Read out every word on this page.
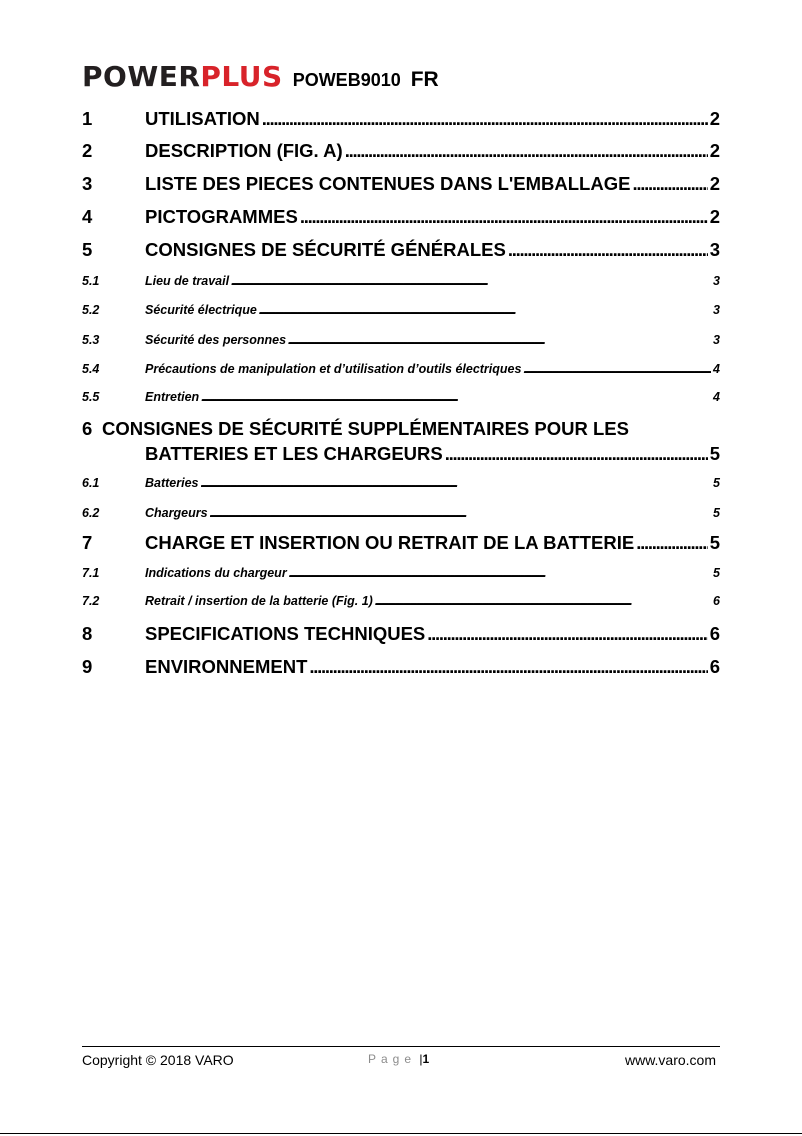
POWER PLUS POWEB9010 FR
1	UTILISATION . . .	2
2	DESCRIPTION (FIG. A) . . .	2
3	LISTE DES PIECES CONTENUES DANS L'EMBALLAGE . . .	2
4	PICTOGRAMMES . . .	2
5	CONSIGNES DE SÉCURITÉ GÉNÉRALES . . .	3
5.1	Lieu de travail . . .	3
5.2	Sécurité électrique . . .	3
5.3	Sécurité des personnes . . .	3
5.4	Précautions de manipulation et d’utilisation d’outils électriques . . .	4
5.5	Entretien . . .	4
6 CONSIGNES DE SÉCURITÉ SUPPLÉMENTAIRES POUR LES
BATTERIES ET LES CHARGEURS . . .	5
6.1	Batteries . . .	5
6.2	Chargeurs . . .	5
7	CHARGE ET INSERTION OU RETRAIT DE LA BATTERIE . . .	5
7.1	Indications du chargeur . . .	5
7.2	Retrait / insertion de la batterie (Fig. 1) . . .	6
8	SPECIFICATIONS TECHNIQUES . . .	6
9	ENVIRONNEMENT . . .	6
Copyright © 2018 VARO	Page |1	www.varo.com
